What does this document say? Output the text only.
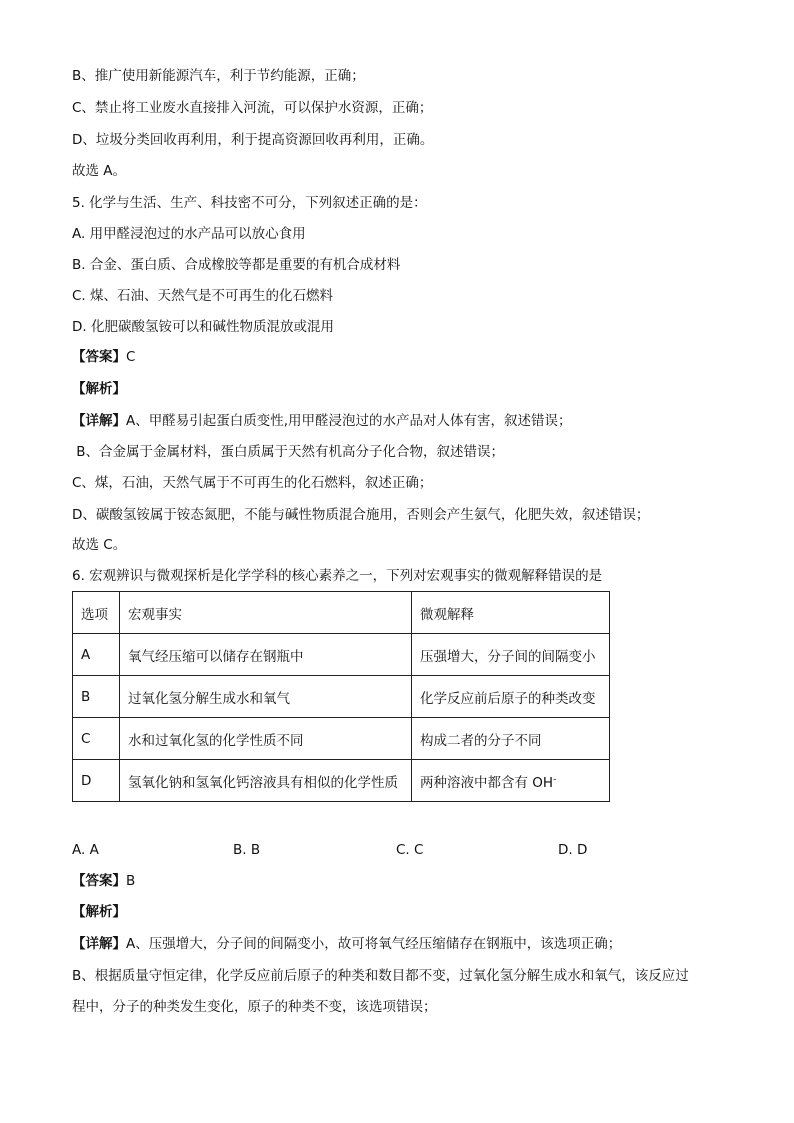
B、推广使用新能源汽车，利于节约能源，正确；
C、禁止将工业废水直接排入河流，可以保护水资源，正确；
D、垃圾分类回收再利用，利于提高资源回收再利用，正确。
故选 A。
5. 化学与生活、生产、科技密不可分，下列叙述正确的是：
A. 用甲醛浸泡过的水产品可以放心食用
B. 合金、蛋白质、合成橡胶等都是重要的有机合成材料
C. 煤、石油、天然气是不可再生的化石燃料
D. 化肥碳酸氢铵可以和碱性物质混放或混用
【答案】C
【解析】
【详解】A、甲醛易引起蛋白质变性,用甲醛浸泡过的水产品对人体有害，叙述错误；
B、合金属于金属材料，蛋白质属于天然有机高分子化合物，叙述错误；
C、煤，石油，天然气属于不可再生的化石燃料，叙述正确；
D、碳酸氢铵属于铵态氮肥，不能与碱性物质混合施用，否则会产生氨气，化肥失效，叙述错误；
故选 C。
6. 宏观辨识与微观探析是化学学科的核心素养之一，下列对宏观事实的微观解释错误的是
选项	宏观事实	微观解释
A	氧气经压缩可以储存在钢瓶中	压强增大，分子间的间隔变小
B	过氧化氢分解生成水和氧气	化学反应前后原子的种类改变
C	水和过氧化氢的化学性质不同	构成二者的分子不同
D	氢氧化钠和氢氧化钙溶液具有相似的化学性质	两种溶液中都含有 OH-
A. A	B. B	C. C	D. D
【答案】B
【解析】
【详解】A、压强增大，分子间的间隔变小，故可将氧气经压缩储存在钢瓶中，该选项正确；
B、根据质量守恒定律，化学反应前后原子的种类和数目都不变，过氧化氢分解生成水和氧气，该反应过
程中，分子的种类发生变化，原子的种类不变，该选项错误；
